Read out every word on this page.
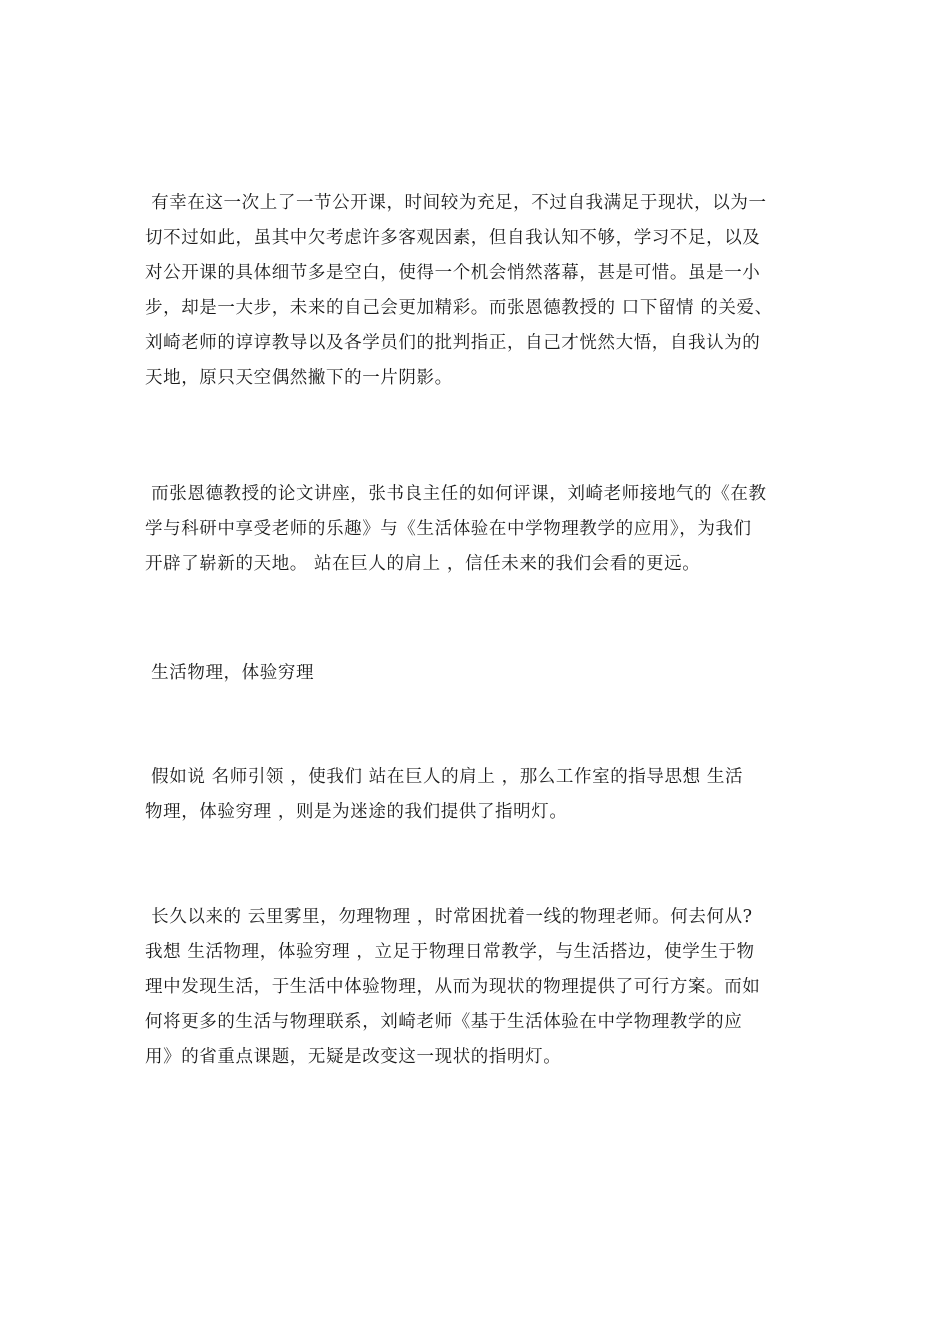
有幸在这一次上了一节公开课，时间较为充足，不过自我满足于现状，以为一
切不过如此，虽其中欠考虑许多客观因素，但自我认知不够，学习不足，以及
对公开课的具体细节多是空白，使得一个机会悄然落幕，甚是可惜。虽是一小
步，却是一大步，未来的自己会更加精彩。而张恩德教授的 口下留情 的关爱、
刘崎老师的谆谆教导以及各学员们的批判指正，自己才恍然大悟，自我认为的
天地，原只天空偶然撇下的一片阴影。
而张恩德教授的论文讲座，张书良主任的如何评课，刘崎老师接地气的《在教
学与科研中享受老师的乐趣》与《生活体验在中学物理教学的应用》，为我们
开辟了崭新的天地。 站在巨人的肩上 ，信任未来的我们会看的更远。
生活物理，体验穷理
假如说 名师引领 ，使我们 站在巨人的肩上 ，那么工作室的指导思想 生活
物理，体验穷理 ，则是为迷途的我们提供了指明灯。
长久以来的 云里雾里，勿理物理 ，时常困扰着一线的物理老师。何去何从?
我想 生活物理，体验穷理 ，立足于物理日常教学，与生活搭边，使学生于物
理中发现生活，于生活中体验物理，从而为现状的物理提供了可行方案。而如
何将更多的生活与物理联系，刘崎老师《基于生活体验在中学物理教学的应
用》的省重点课题，无疑是改变这一现状的指明灯。
